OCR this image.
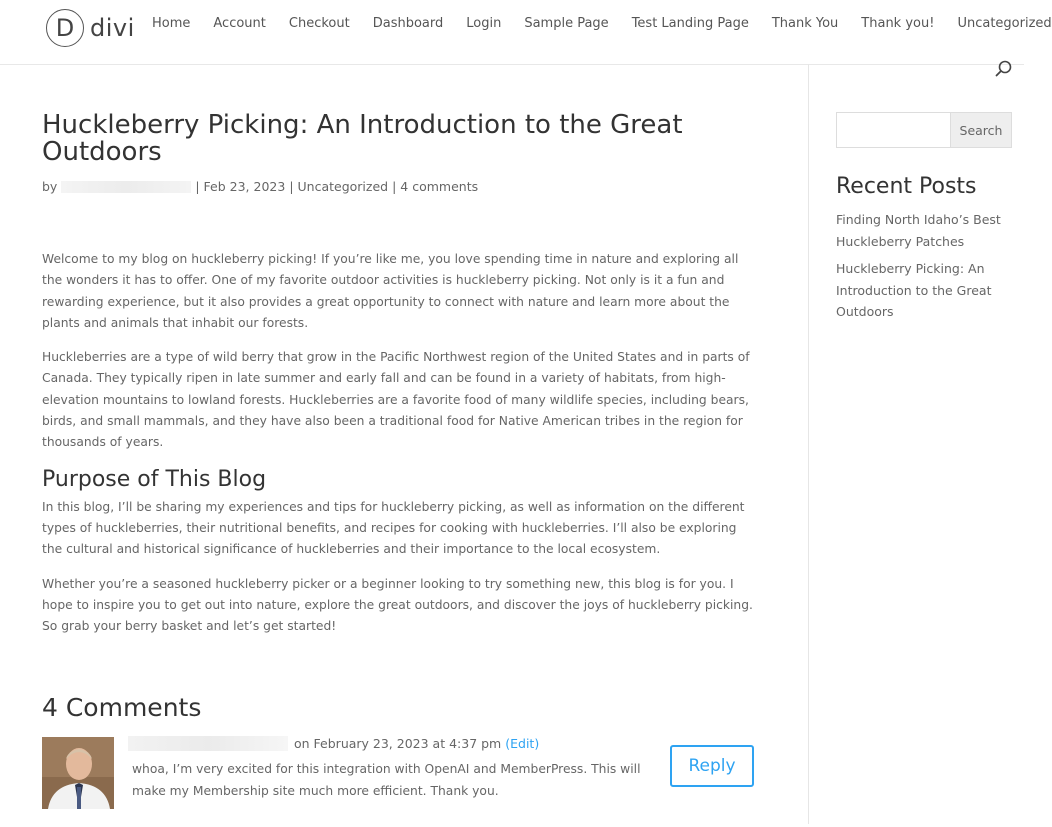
D divi Home Account Checkout Dashboard Login Sample Page Test Landing Page Thank You Thank you! Uncategorized
Huckleberry Picking: An Introduction to the Great Outdoors
by	|
Feb 23, 2023
|
Uncategorized
|
4 comments

Welcome to my blog on huckleberry picking! If you’re like me, you love spending time in nature and exploring all the wonders it has to offer. One of my favorite outdoor activities is huckleberry picking. Not only is it a fun and rewarding experience, but it also provides a great opportunity to connect with nature and learn more about the plants and animals that inhabit our forests.

Huckleberries are a type of wild berry that grow in the Pacific Northwest region of the United States and in parts of Canada. They typically ripen in late summer and early fall and can be found in a variety of habitats, from high-elevation mountains to lowland forests. Huckleberries are a favorite food of many wildlife species, including bears, birds, and small mammals, and they have also been a traditional food for Native American tribes in the region for thousands of years.

Purpose of This Blog

In this blog, I’ll be sharing my experiences and tips for huckleberry picking, as well as information on the different types of huckleberries, their nutritional benefits, and recipes for cooking with huckleberries. I’ll also be exploring the cultural and historical significance of huckleberries and their importance to the local ecosystem.

Whether you’re a seasoned huckleberry picker or a beginner looking to try something new, this blog is for you. I hope to inspire you to get out into nature, explore the great outdoors, and discover the joys of huckleberry picking. So grab your berry basket and let’s get started!

4 Comments
on February 23, 2023 at 4:37 pm (Edit)

whoa, I’m very excited for this integration with OpenAI and MemberPress. This will make my Membership site much more efficient. Thank you.

Reply
Search
Recent Posts
Finding North Idaho’s Best Huckleberry Patches
Huckleberry Picking: An Introduction to the Great Outdoors
